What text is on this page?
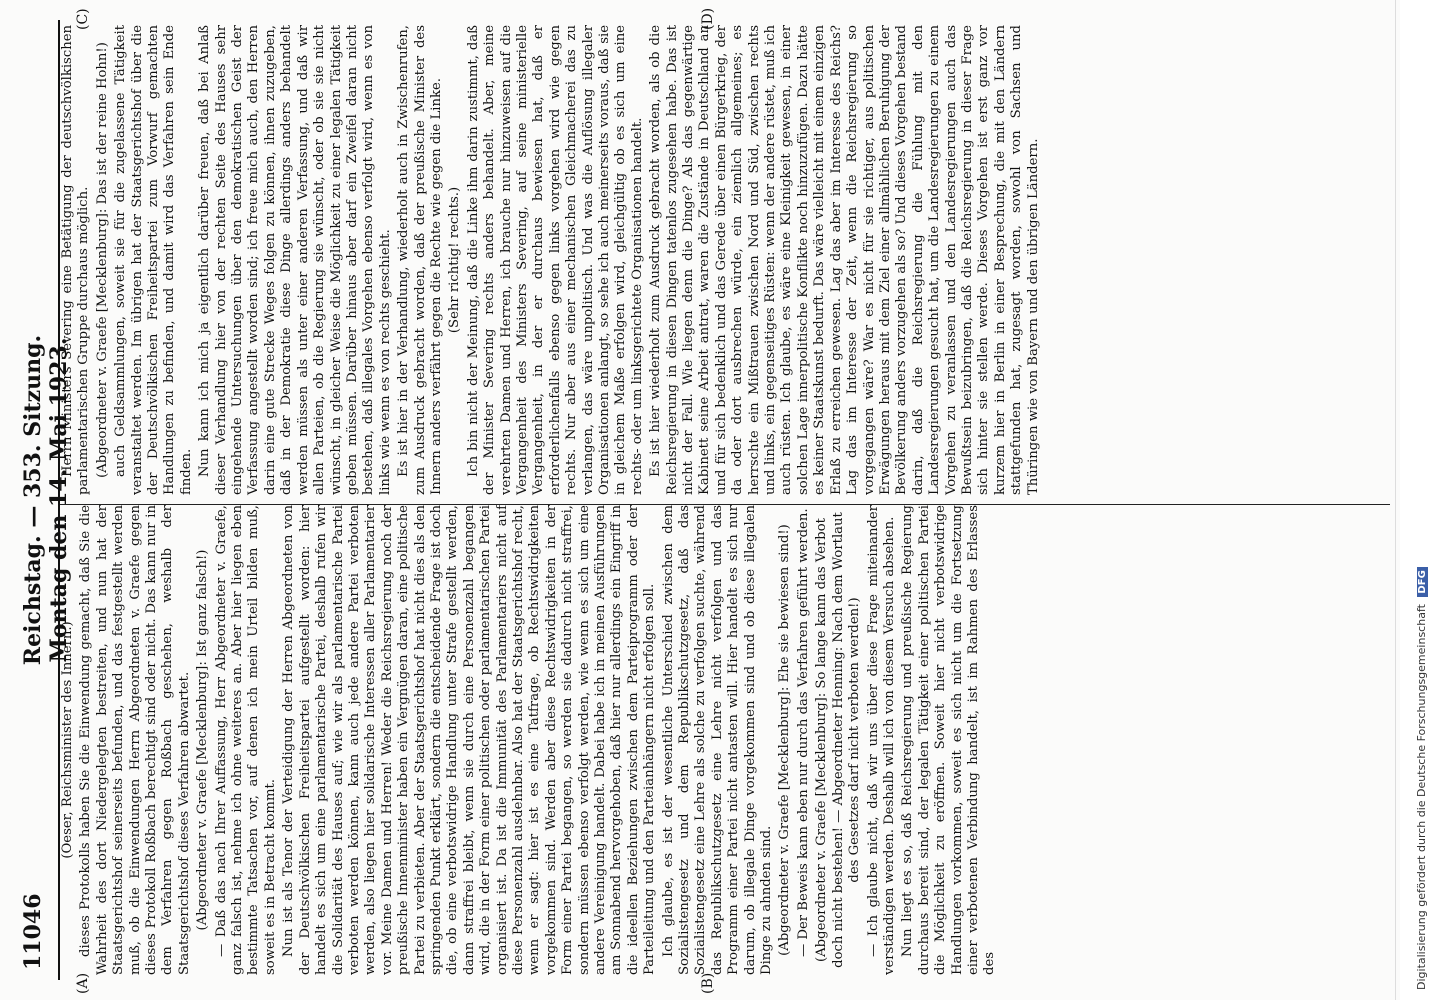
11046
Reichstag. — 353. Sitzung. Montag den 14. Mai 1923.
(A)	(B)
(C)	(D)

(Oeser, Reichsminister des Innern.) dieses Protokolls haben Sie die Einwendung gemacht, daß Sie die Wahrheit des dort Niedergelegten bestreiten, und nun hat der Staatsgerichtshof seinerseits befunden, und das festgestellt werden muß, ob die Einwendungen Herrn Abgeordneten v. Graefe gegen dieses Protokoll Roßbach berechtigt sind oder nicht. Das kann nur in dem Verfahren gegen Roßbach geschehen, weshalb der Staatsgerichtshof dieses Verfahren abwartet. (Abgeordneter v. Graefe [Mecklenburg]: Ist ganz falsch!) — Daß das nach Ihrer Auffassung, Herr Abgeordneter v. Graefe, ganz falsch ist, nehme ich ohne weiteres an. Aber hier liegen eben bestimmte Tatsachen vor, auf denen ich mein Urteil bilden muß, soweit es in Betracht kommt. Nun ist als Tenor der Verteidigung der Herren Abgeordneten von der Deutschvölkischen Freiheitspartei aufgestellt worden: hier handelt es sich um eine parlamentarische Partei, deshalb rufen wir die Solidarität des Hauses auf; wie wir als parlamentarische Partei verboten werden können, kann auch jede andere Partei verboten werden, also liegen hier solidarische Interessen aller Parlamentarier vor. Meine Damen und Herren! Weder die Reichsregierung noch der preußische Innenminister haben ein Vergnügen daran, eine politische Partei zu verbieten. Aber der Staatsgerichtshof hat nicht dies als den springenden Punkt erklärt, sondern die entscheidende Frage ist doch die, ob eine verbotswidrige Handlung unter Strafe gestellt werden, dann straffrei bleibt, wenn sie durch eine Personenzahl begangen wird, die in der Form einer politischen oder parlamentarischen Partei organisiert ist. Da ist die Immunität des Parlamentariers nicht auf diese Personenzahl ausdehnbar. Also hat der Staatsgerichtshof recht, wenn er sagt: hier ist es eine Tatfrage, ob Rechtswidrigkeiten vorgekommen sind. Werden aber diese Rechtswidrigkeiten in der Form einer Partei begangen, so werden sie dadurch nicht straffrei, sondern müssen ebenso verfolgt werden, wie wenn es sich um eine andere Vereinigung handelt. Dabei habe ich in meinen Ausführungen am Sonnabend hervorgehoben, daß hier nur allerdings ein Eingriff in die ideellen Beziehungen zwischen dem Parteiprogramm oder der Parteileitung und den Parteianhängern nicht erfolgen soll. Ich glaube, es ist der wesentliche Unterschied zwischen dem Sozialistengesetz und dem Republikschutzgesetz, daß das Sozialistengesetz eine Lehre als solche zu verfolgen suchte, während das Republikschutzgesetz eine Lehre nicht verfolgen und das Programm einer Partei nicht antasten will. Hier handelt es sich nur darum, ob illegale Dinge vorgekommen sind und ob diese illegalen Dinge zu ahnden sind. (Abgeordneter v. Graefe [Mecklenburg]: Ehe sie bewiesen sind!) — Der Beweis kann eben nur durch das Verfahren geführt werden. (Abgeordneter v. Graefe [Mecklenburg]: So lange kann das Verbot doch nicht bestehen! — Abgeordneter Henning: Nach dem Wortlaut des Gesetzes darf nicht verboten werden!) — Ich glaube nicht, daß wir uns über diese Frage miteinander verständigen werden. Deshalb will ich von diesem Versuch absehen. Nun liegt es so, daß Reichsregierung und preußische Regierung durchaus bereit sind, der legalen Tätigkeit einer politischen Partei die Möglichkeit zu eröffnen. Soweit hier nicht verbotswidrige Handlungen vorkommen, soweit es sich nicht um die Fortsetzung einer verbotenen Verbindung handelt, ist im Rahmen des Erlasses des

Herrn Ministers Severing eine Betätigung der deutschvölkischen parlamentarischen Gruppe durchaus möglich. (Abgeordneter v. Graefe [Mecklenburg]: Das ist der reine Hohn!) auch Geldsammlungen, soweit sie für die zugelassene Tätigkeit veranstaltet werden. Im übrigen hat der Staatsgerichtshof über die der Deutschvölkischen Freiheitspartei zum Vorwurf gemachten Handlungen zu befinden, und damit wird das Verfahren sein Ende finden. Nun kann ich mich ja eigentlich darüber freuen, daß bei Anlaß dieser Verhandlung hier von der rechten Seite des Hauses sehr eingehende Untersuchungen über den demokratischen Geist der Verfassung angestellt worden sind; ich freue mich auch, den Herren darin eine gute Strecke Weges folgen zu können, ihnen zuzugeben, daß in der Demokratie diese Dinge allerdings anders behandelt werden müssen als unter einer anderen Verfassung, und daß wir allen Parteien, ob die Regierung sie wünscht, oder ob sie sie nicht wünscht, in gleicher Weise die Möglichkeit zu einer legalen Tätigkeit geben müssen. Darüber hinaus aber darf ein Zweifel daran nicht bestehen, daß illegales Vorgehen ebenso verfolgt wird, wenn es von links wie wenn es von rechts geschieht. Es ist hier in der Verhandlung, wiederholt auch in Zwischenrufen, zum Ausdruck gebracht worden, daß der preußische Minister des Innern anders verfährt gegen die Rechte wie gegen die Linke. (Sehr richtig! rechts.) Ich bin nicht der Meinung, daß die Linke ihm darin zustimmt, daß der Minister Severing rechts anders behandelt. Aber, meine verehrten Damen und Herren, ich brauche nur hinzuweisen auf die Vergangenheit des Ministers Severing, auf seine ministerielle Vergangenheit, in der er durchaus bewiesen hat, daß er erforderlichenfalls ebenso gegen links vorgehen wird wie gegen rechts. Nur aber aus einer mechanischen Gleichmacherei das zu verlangen, das wäre unpolitisch. Und was die Auflösung illegaler Organisationen anlangt, so sehe ich auch meinerseits voraus, daß sie in gleichem Maße erfolgen wird, gleichgültig ob es sich um eine rechts- oder um linksgerichtete Organisationen handelt. Es ist hier wiederholt zum Ausdruck gebracht worden, als ob die Reichsregierung in diesen Dingen tatenlos zugesehen habe. Das ist nicht der Fall. Wie liegen denn die Dinge? Als das gegenwärtige Kabinett seine Arbeit antrat, waren die Zustände in Deutschland an und für sich bedenklich und das Gerede über einen Bürgerkrieg, der da oder dort ausbrechen würde, ein ziemlich allgemeines; es herrschte ein Mißtrauen zwischen Nord und Süd, zwischen rechts und links, ein gegenseitiges Rüsten: wenn der andere rüstet, muß ich auch rüsten. Ich glaube, es wäre eine Kleinigkeit gewesen, in einer solchen Lage innerpolitische Konflikte noch hinzuzufügen. Dazu hätte es keiner Staatskunst bedurft. Das wäre vielleicht mit einem einzigen Erlaß zu erreichen gewesen. Lag das aber im Interesse des Reichs? Lag das im Interesse der Zeit, wenn die Reichsregierung so vorgegangen wäre? War es nicht für sie richtiger, aus politischen Erwägungen heraus mit dem Ziel einer allmählichen Beruhigung der Bevölkerung anders vorzugehen als so? Und dieses Vorgehen bestand darin, daß die Reichsregierung die Fühlung mit den Landesregierungen gesucht hat, um die Landesregierungen zu einem Vorgehen zu veranlassen und den Landesregierungen auch das Bewußtsein beizubringen, daß die Reichsregierung in dieser Frage sich hinter sie stellen werde. Dieses Vorgehen ist erst ganz vor kurzem hier in Berlin in einer Besprechung, die mit den Ländern stattgefunden hat, zugesagt worden, sowohl von Sachsen und Thüringen wie von Bayern und den übrigen Ländern.

Digitalisierung gefördert durch die Deutsche Forschungsgemeinschaft DFG
